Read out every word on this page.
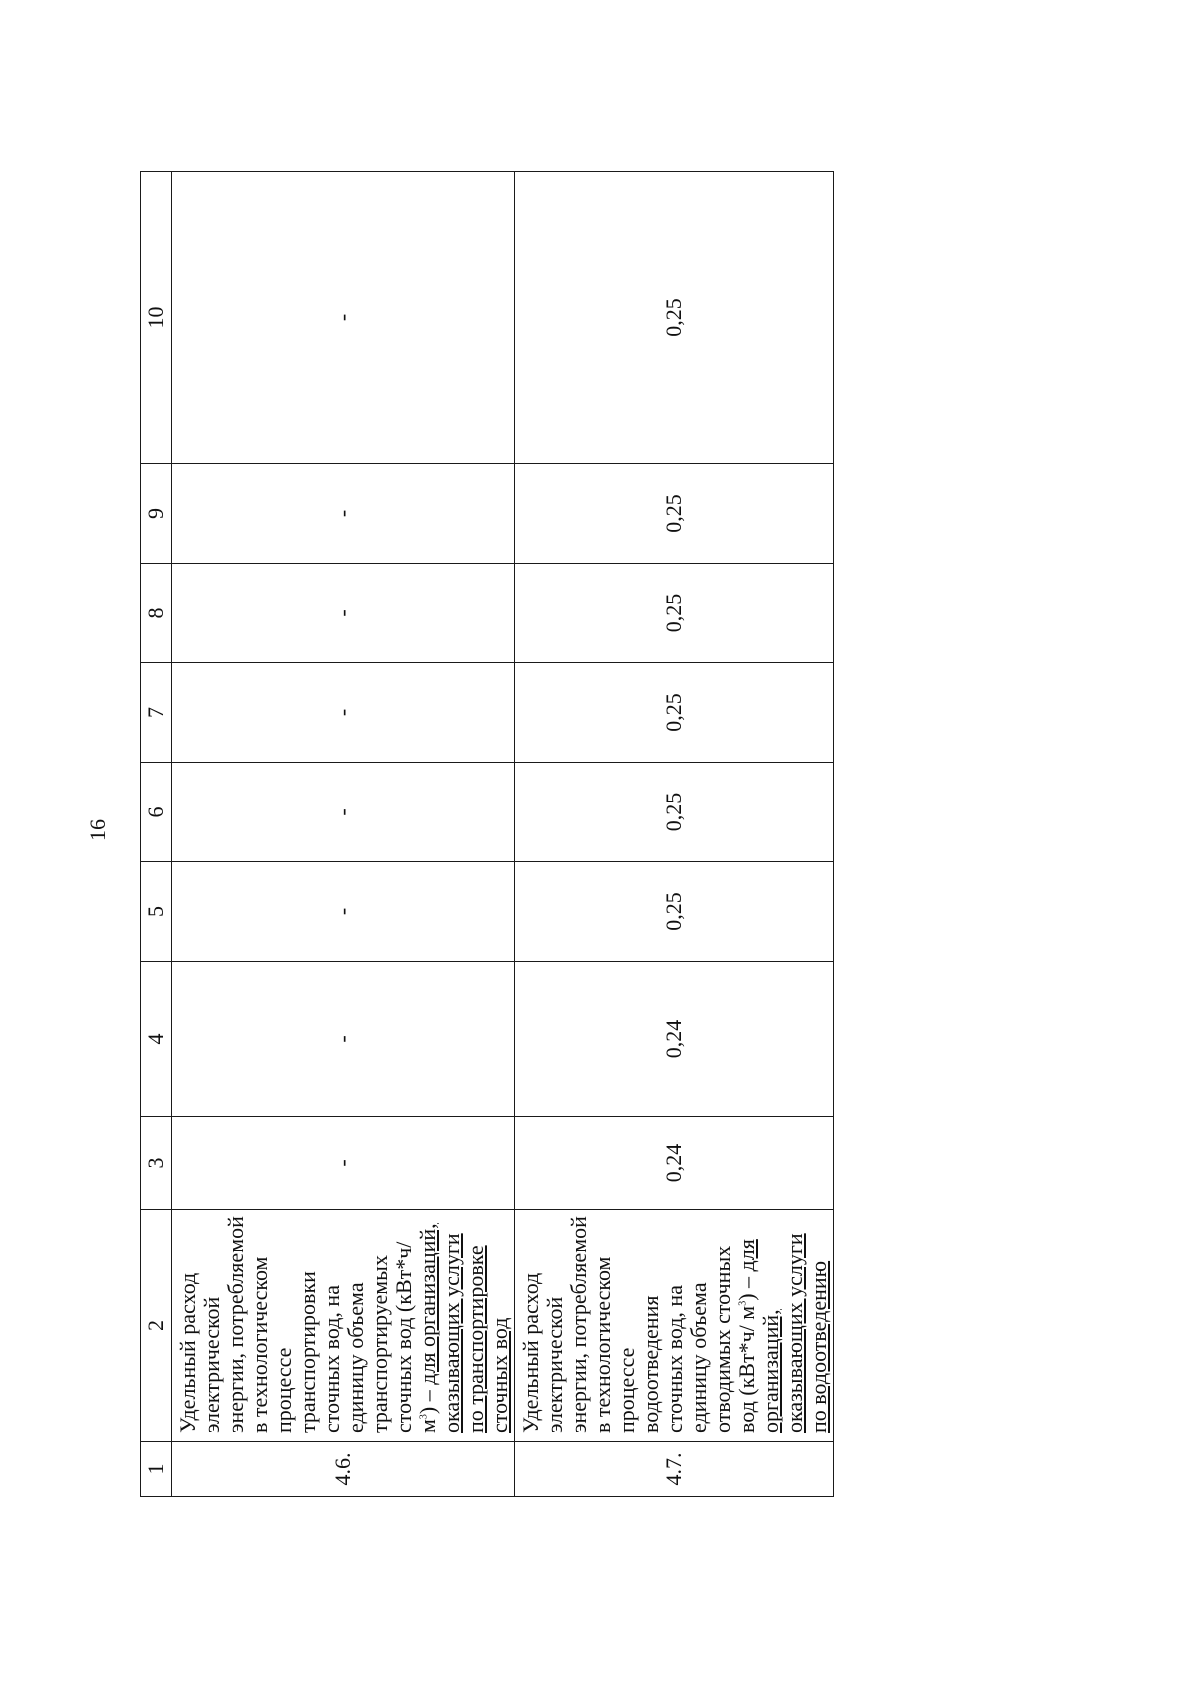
16
1	2	3	4	5	6	7	8	9	10
4.6.	Удельный расход электрической энергии, потребляемой в технологическом процессе транспортировки сточных вод, на единицу объема транспортируемых сточных вод (кВт*ч/ $м^3$) – для организаций, оказывающих услуги по транспортировке сточных вод	-	-	-	-	-	-	-	-
4.7.	Удельный расход электрической энергии, потребляемой в технологическом процессе водоотведения сточных вод, на единицу объема отводимых сточных вод (кВт*ч/ $м^3$) – для организаций, оказывающих услуги по водоотведению	0,24	0,24	0,25	0,25	0,25	0,25	0,25	0,25
